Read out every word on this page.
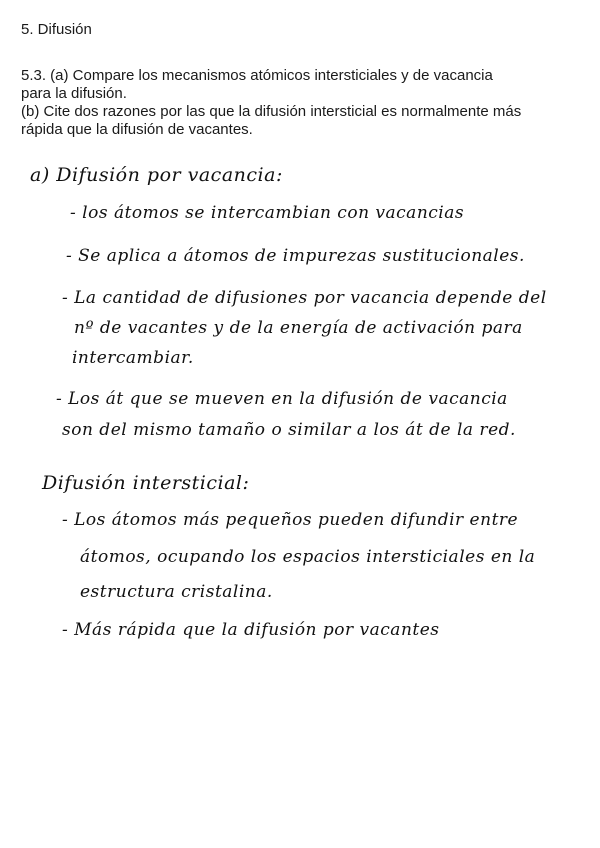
5. Difusión
5.3. (a) Compare los mecanismos atómicos intersticiales y de vacancia
para la difusión.
(b) Cite dos razones por las que la difusión intersticial es normalmente más
rápida que la difusión de vacantes.
a) Difusión por vacancia:
- los átomos se intercambian con vacancias
- Se aplica a átomos de impurezas sustitucionales.
- La cantidad de difusiones por vacancia depende del
nº de vacantes y de la energía de activación para
intercambiar.
- Los át que se mueven en la difusión de vacancia
son del mismo tamaño o similar a los át de la red.
Difusión intersticial:
- Los átomos más pequeños pueden difundir entre
átomos, ocupando los espacios intersticiales en la
estructura cristalina.
- Más rápida que la difusión por vacantes
